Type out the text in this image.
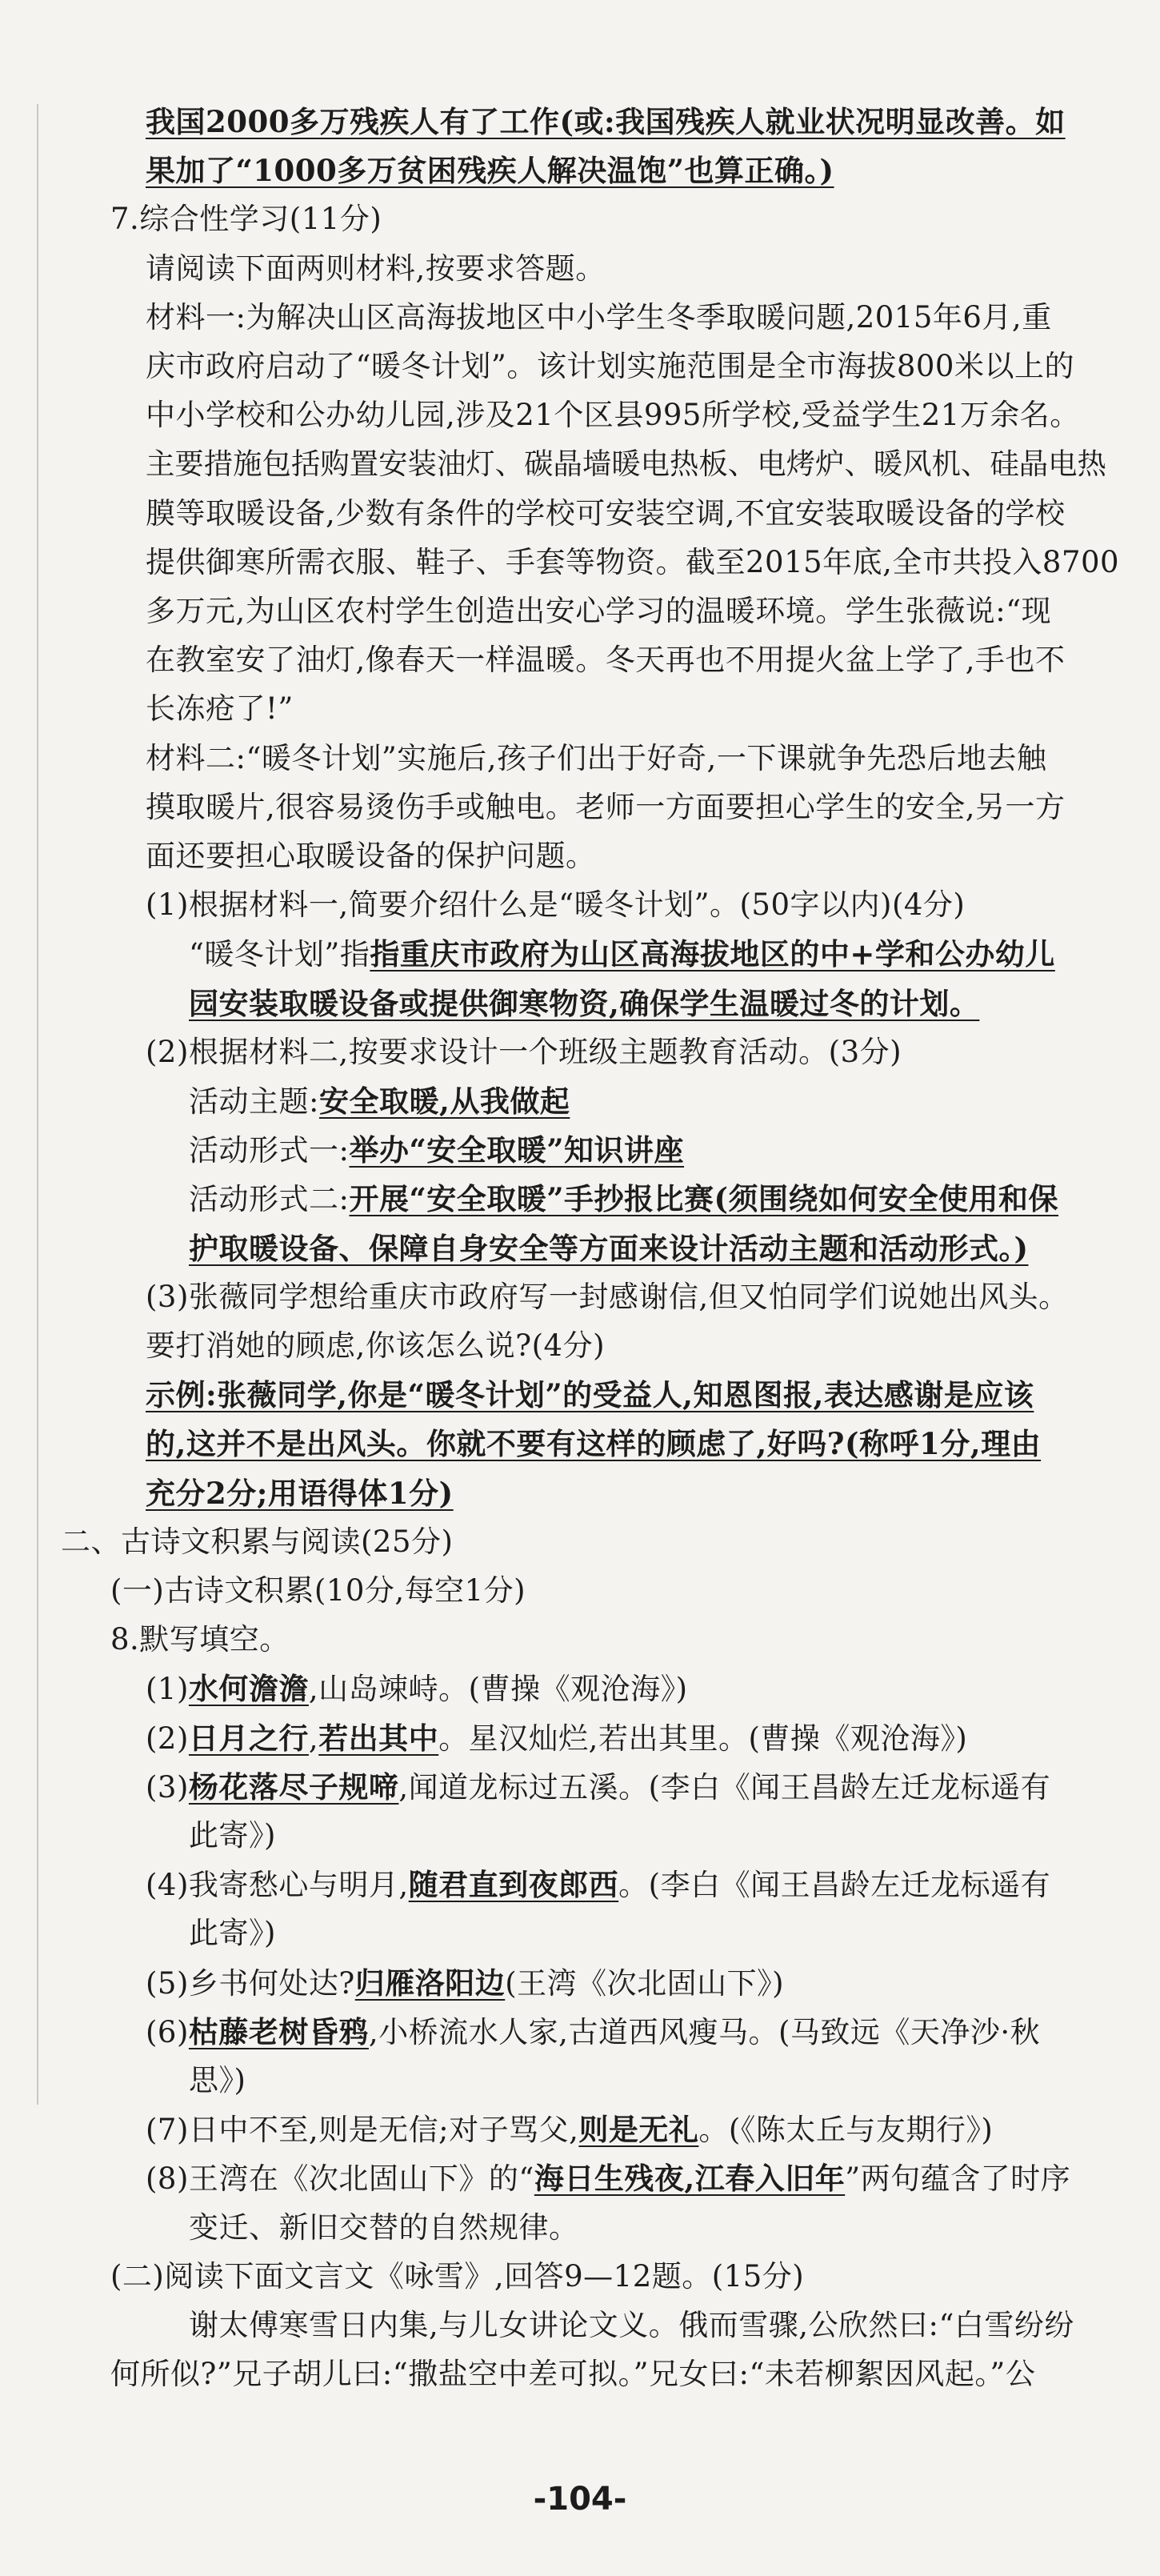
我国2000多万残疾人有了工作(或:我国残疾人就业状况明显改善。如
果加了“1000多万贫困残疾人解决温饱”也算正确。)
7.综合性学习(11分)
请阅读下面两则材料,按要求答题。
材料一:为解决山区高海拔地区中小学生冬季取暖问题,2015年6月,重
庆市政府启动了“暖冬计划”。该计划实施范围是全市海拔800米以上的
中小学校和公办幼儿园,涉及21个区县995所学校,受益学生21万余名。
主要措施包括购置安装油灯、碳晶墙暖电热板、电烤炉、暖风机、硅晶电热
膜等取暖设备,少数有条件的学校可安装空调,不宜安装取暖设备的学校
提供御寒所需衣服、鞋子、手套等物资。截至2015年底,全市共投入8700
多万元,为山区农村学生创造出安心学习的温暖环境。学生张薇说:“现
在教室安了油灯,像春天一样温暖。冬天再也不用提火盆上学了,手也不
长冻疮了!”
材料二:“暖冬计划”实施后,孩子们出于好奇,一下课就争先恐后地去触
摸取暖片,很容易烫伤手或触电。老师一方面要担心学生的安全,另一方
面还要担心取暖设备的保护问题。
(1)根据材料一,简要介绍什么是“暖冬计划”。(50字以内)(4分)
“暖冬计划”指指重庆市政府为山区高海拔地区的中+学和公办幼儿
园安装取暖设备或提供御寒物资,确保学生温暖过冬的计划。
(2)根据材料二,按要求设计一个班级主题教育活动。(3分)
活动主题:安全取暖,从我做起
活动形式一:举办“安全取暖”知识讲座
活动形式二:开展“安全取暖”手抄报比赛(须围绕如何安全使用和保
护取暖设备、保障自身安全等方面来设计活动主题和活动形式。)
(3)张薇同学想给重庆市政府写一封感谢信,但又怕同学们说她出风头。
要打消她的顾虑,你该怎么说?(4分)
示例:张薇同学,你是“暖冬计划”的受益人,知恩图报,表达感谢是应该
的,这并不是出风头。你就不要有这样的顾虑了,好吗?(称呼1分,理由
充分2分;用语得体1分)
二、古诗文积累与阅读(25分)
(一)古诗文积累(10分,每空1分)
8.默写填空。
(1)水何澹澹,山岛竦峙。(曹操《观沧海》)
(2)日月之行,若出其中。星汉灿烂,若出其里。(曹操《观沧海》)
(3)杨花落尽子规啼,闻道龙标过五溪。(李白《闻王昌龄左迁龙标遥有
此寄》)
(4)我寄愁心与明月,随君直到夜郎西。(李白《闻王昌龄左迁龙标遥有
此寄》)
(5)乡书何处达?归雁洛阳边(王湾《次北固山下》)
(6)枯藤老树昏鸦,小桥流水人家,古道西风瘦马。(马致远《天净沙·秋
思》)
(7)日中不至,则是无信;对子骂父,则是无礼。(《陈太丘与友期行》)
(8)王湾在《次北固山下》的“海日生残夜,江春入旧年”两句蕴含了时序
变迁、新旧交替的自然规律。
(二)阅读下面文言文《咏雪》,回答9—12题。(15分)
谢太傅寒雪日内集,与儿女讲论文义。俄而雪骤,公欣然曰:“白雪纷纷
何所似?”兄子胡儿曰:“撒盐空中差可拟。”兄女曰:“未若柳絮因风起。”公
-104-
